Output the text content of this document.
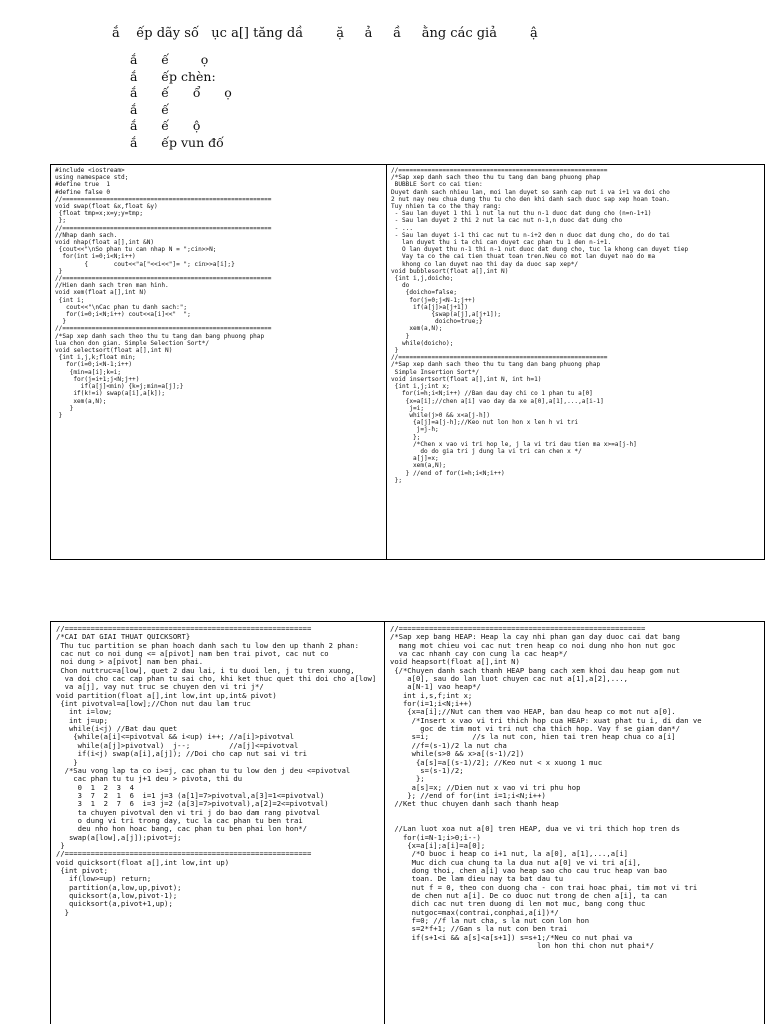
ắ    ếp dãy số   ục a[] tăng dầ        ặ     ả     ầ     ằng các giả        ậ
ắ      ế        ọ
ắ      ếp chèn:
ắ      ế      ổ      ọ
ắ      ế
ắ      ế      ộ
ắ      ếp vun đố
#include <iostream>
using namespace std;
#define true  1
#define false 0
//=========================================================
void swap(float &x,float &y)
{float tmp=x;x=y;y=tmp;
};
//=========================================================
//Nhap danh sach.
void nhap(float a[],int &N)
{cout<<"\nSo phan tu can nhap N = ";cin>>N;
for(int i=0;i<N;i++)
{       cout<<"a["<<i<<"]= "; cin>>a[i];}
}
//=========================================================
//Hien danh sach tren man hinh.
void xem(float a[],int N)
{int i;
cout<<"\nCac phan tu danh sach:";
for(i=0;i<N;i++) cout<<a[i]<<"  ";
}
//=========================================================
/*Sap xep danh sach theo thu tu tang dan bang phuong phap
lua chon don gian. Simple Selection Sort*/
void selectsort(float a[],int N)
{int i,j,k;float min;
for(i=0;i<N-1;i++)
{min=a[i];k=i;
for(j=i+1;j<N;j++)
if(a[j]<min) {k=j;min=a[j];}
if(k!=i) swap(a[i],a[k]);
xem(a,N);
}
}
//=========================================================
/*Sap xep danh sach theo thu tu tang dan bang phuong phap
BUBBLE Sort co cai tien:
Duyet danh sach nhieu lan, moi lan duyet so sanh cap nut i va i+1 va doi cho
2 nut nay neu chua dung thu tu cho den khi danh sach duoc sap xep hoan toan.
Tuy nhien ta co the thay rang:
- Sau lan duyet 1 thi 1 nut la nut thu n-1 duoc dat dung cho (n=n-1+1)
- Sau lan duyet 2 thi 2 nut la cac nut n-1,n duoc dat dung cho
- ...
- Sau lan duyet i-1 thi cac nut tu n-i+2 den n duoc dat dung cho, do do tai
lan duyet thu i ta chi can duyet cac phan tu 1 den n-i+1.
O lan duyet thu n-1 thi n-1 nut duoc dat dung cho, tuc la khong can duyet tiep
Vay ta co the cai tien thuat toan tren.Neu co mot lan duyet nao do ma
khong co lan duyet nao thi day da duoc sap xep*/
void bubblesort(float a[],int N)
{int i,j,doicho;
do
{doicho=false;
for(j=0;j<N-1;j++)
if(a[j]>a[j+1])
{swap(a[j],a[j+1]);
doicho=true;}
xem(a,N);
}
while(doicho);
}
//=========================================================
/*Sap xep danh sach theo thu tu tang dan bang phuong phap
Simple Insertion Sort*/
void insertsort(float a[],int N, int h=1)
{int i,j;int x;
for(i=h;i<N;i++) //Ban dau day chi co 1 phan tu a[0]
{x=a[i];//chen a[i] vao day da xe a[0],a[1],...,a[i-1]
j=i;
while(j>0 && x<a[j-h])
{a[j]=a[j-h];//Keo nut lon hon x len h vi tri
j=j-h;
};
/*Chen x vao vi tri hop le, j la vi tri dau tien ma x>=a[j-h]
do do gia tri j dung la vi tri can chen x */
a[j]=x;
xem(a,N);
} //end of for(i=h;i<N;i++)
};
//=========================================================
/*CAI DAT GIAI THUAT QUICKSORT}
Thu tuc partition se phan hoach danh sach tu low den up thanh 2 phan:
cac nut co noi dung <= a[pivot] nam ben trai pivot, cac nut co
noi dung > a[pivot] nam ben phai.
Chon nuttruc=a[low], quet 2 dau lai, i tu duoi len, j tu tren xuong,
va doi cho cac cap phan tu sai cho, khi ket thuc quet thi doi cho a[low]
va a[j], vay nut truc se chuyen den vi tri j*/
void partition(float a[],int low,int up,int& pivot)
{int pivotval=a[low];//Chon nut dau lam truc
int i=low;
int j=up;
while(i<j) //Bat dau quet
{while(a[i]<=pivotval && i<up) i++; //a[i]>pivotval
while(a[j]>pivotval)  j--;         //a[j]<=pivotval
if(i<j) swap(a[i],a[j]); //Doi cho cap nut sai vi tri
}
/*Sau vong lap ta co i>=j, cac phan tu tu low den j deu <=pivotval
cac phan tu tu j+1 deu > pivota, thi du
0  1  2  3  4
3  7  2  1  6  i=1 j=3 (a[1]=7>pivotval,a[3]=1<=pivotval)
3  1  2  7  6  i=3 j=2 (a[3]=7>pivotval),a[2]=2<=pivotval)
ta chuyen pivotval den vi tri j do bao dam rang pivotval
o dung vi tri trong day, tuc la cac phan tu ben trai
deu nho hon hoac bang, cac phan tu ben phai lon hon*/
swap(a[low],a[j]);pivot=j;
}
//=========================================================
void quicksort(float a[],int low,int up)
{int pivot;
if(low>=up) return;
partition(a,low,up,pivot);
quicksort(a,low,pivot-1);
quicksort(a,pivot+1,up);
}
//=========================================================
/*Sap xep bang HEAP: Heap la cay nhi phan gan day duoc cai dat bang
mang mot chieu voi cac nut tren heap co noi dung nho hon nut goc
va cac nhanh cay con cung la cac heap*/
void heapsort(float a[],int N)
{/*Chuyen danh sach thanh HEAP bang cach xem khoi dau heap gom nut
a[0], sau do lan luot chuyen cac nut a[1],a[2],...,
a[N-1] vao heap*/
int i,s,f;int x;
for(i=1;i<N;i++)
{x=a[i];//Nut can them vao HEAP, ban dau heap co mot nut a[0].
/*Insert x vao vi tri thich hop cua HEAP: xuat phat tu i, di dan ve
goc de tim mot vi tri nut cha thich hop. Vay f se giam dan*/
s=i;          //s la nut con, hien tai tren heap chua co a[i]
//f=(s-1)/2 la nut cha
while(s>0 && x>a[(s-1)/2])
{a[s]=a[(s-1)/2]; //Keo nut < x xuong 1 muc
s=(s-1)/2;
};
a[s]=x; //Dien nut x vao vi tri phu hop
}; //end of for(int i=1;i<N;i++)
//Ket thuc chuyen danh sach thanh heap

//Lan luot xoa nut a[0] tren HEAP, dua ve vi tri thich hop tren ds
for(i=N-1;i>0;i--)
{x=a[i];a[i]=a[0];
/*O buoc i heap co i+1 nut, la a[0], a[1],...,a[i]
Muc dich cua chung ta la dua nut a[0] ve vi tri a[i],
dong thoi, chen a[i] vao heap sao cho cau truc heap van bao
toan. De lam dieu nay ta bat dau tu
nut f = 0, theo con duong cha - con trai hoac phai, tim mot vi tri
de chen nut a[i]. De co duoc nut trong de chen a[i], ta can
dich cac nut tren duong di len mot muc, bang cong thuc
nutgoc=max(contrai,conphai,a[i])*/
f=0; //f la nut cha, s la nut con lon hon
s=2*f+1; //Gan s la nut con ben trai
if(s+1<i && a[s]<a[s+1]) s=s+1;/*Neu co nut phai va
lon hon thi chon nut phai*/
